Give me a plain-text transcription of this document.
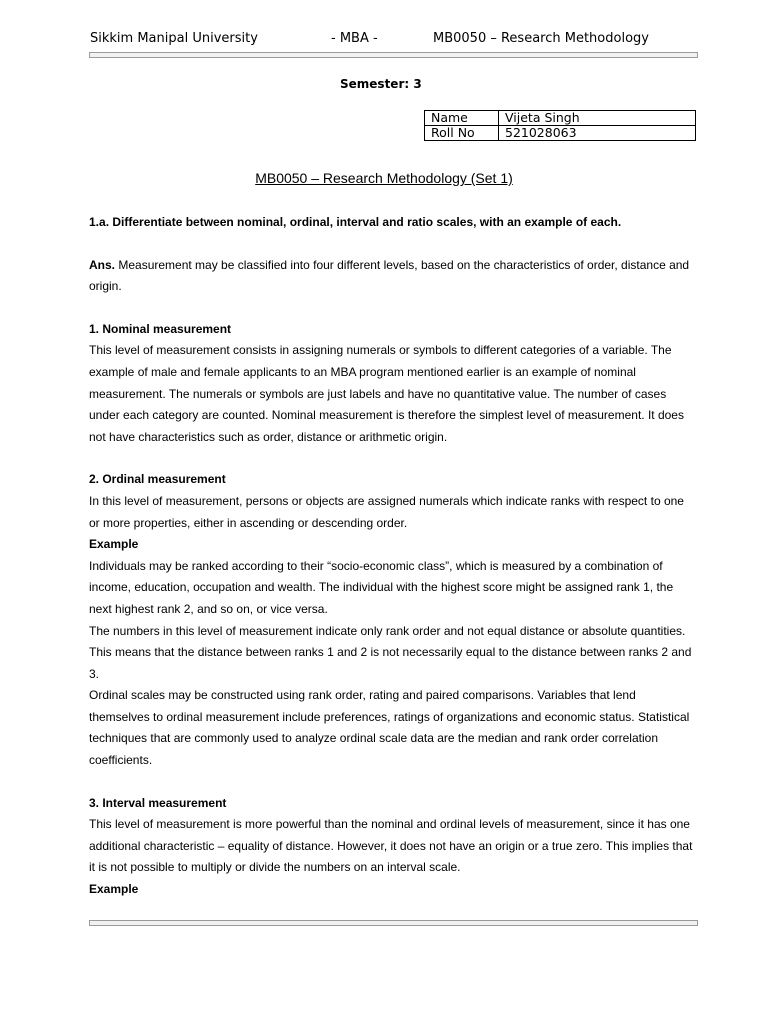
Sikkim Manipal University	- MBA -	MB0050 – Research Methodology
Semester: 3
Name	Vijeta Singh
Roll No	521028063
MB0050 – Research Methodology (Set 1)

1.a. Differentiate between nominal, ordinal, interval and ratio scales, with an example of each.

Ans. Measurement may be classified into four different levels, based on the characteristics of order, distance and origin.

1. Nominal measurement

This level of measurement consists in assigning numerals or symbols to different categories of a variable. The example of male and female applicants to an MBA program mentioned earlier is an example of nominal measurement. The numerals or symbols are just labels and have no quantitative value. The number of cases under each category are counted. Nominal measurement is therefore the simplest level of measurement. It does not have characteristics such as order, distance or arithmetic origin.

2. Ordinal measurement

In this level of measurement, persons or objects are assigned numerals which indicate ranks with respect to one or more properties, either in ascending or descending order.

Example

Individuals may be ranked according to their “socio-economic class”, which is measured by a combination of income, education, occupation and wealth. The individual with the highest score might be assigned rank 1, the next highest rank 2, and so on, or vice versa.

The numbers in this level of measurement indicate only rank order and not equal distance or absolute quantities. This means that the distance between ranks 1 and 2 is not necessarily equal to the distance between ranks 2 and 3.

Ordinal scales may be constructed using rank order, rating and paired comparisons. Variables that lend themselves to ordinal measurement include preferences, ratings of organizations and economic status. Statistical techniques that are commonly used to analyze ordinal scale data are the median and rank order correlation coefficients.

3. Interval measurement

This level of measurement is more powerful than the nominal and ordinal levels of measurement, since it has one additional characteristic – equality of distance. However, it does not have an origin or a true zero. This implies that it is not possible to multiply or divide the numbers on an interval scale.

Example
